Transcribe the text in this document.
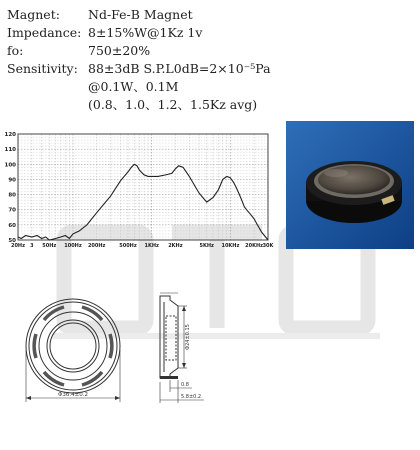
Magnet:	Nd-Fe-B Magnet
Impedance: 8±15%W@1Kz 1v
fo:	750±20%
Sensitivity: 88±3dB S.P.L0dB=2×10⁻⁵Pa
@0.1W、0.1M
(0.8、1.0、1.2、1.5Kz avg)
120
110
100
90
80
70
60
50
20Hz 3 50Hz 100Hz 200Hz	500Hz 1KHz 2KHz	5KHz 10KHz 20KHz 30K
Φ36.4±0.2
Φ24±0.15
0.8
5.8±0.2
